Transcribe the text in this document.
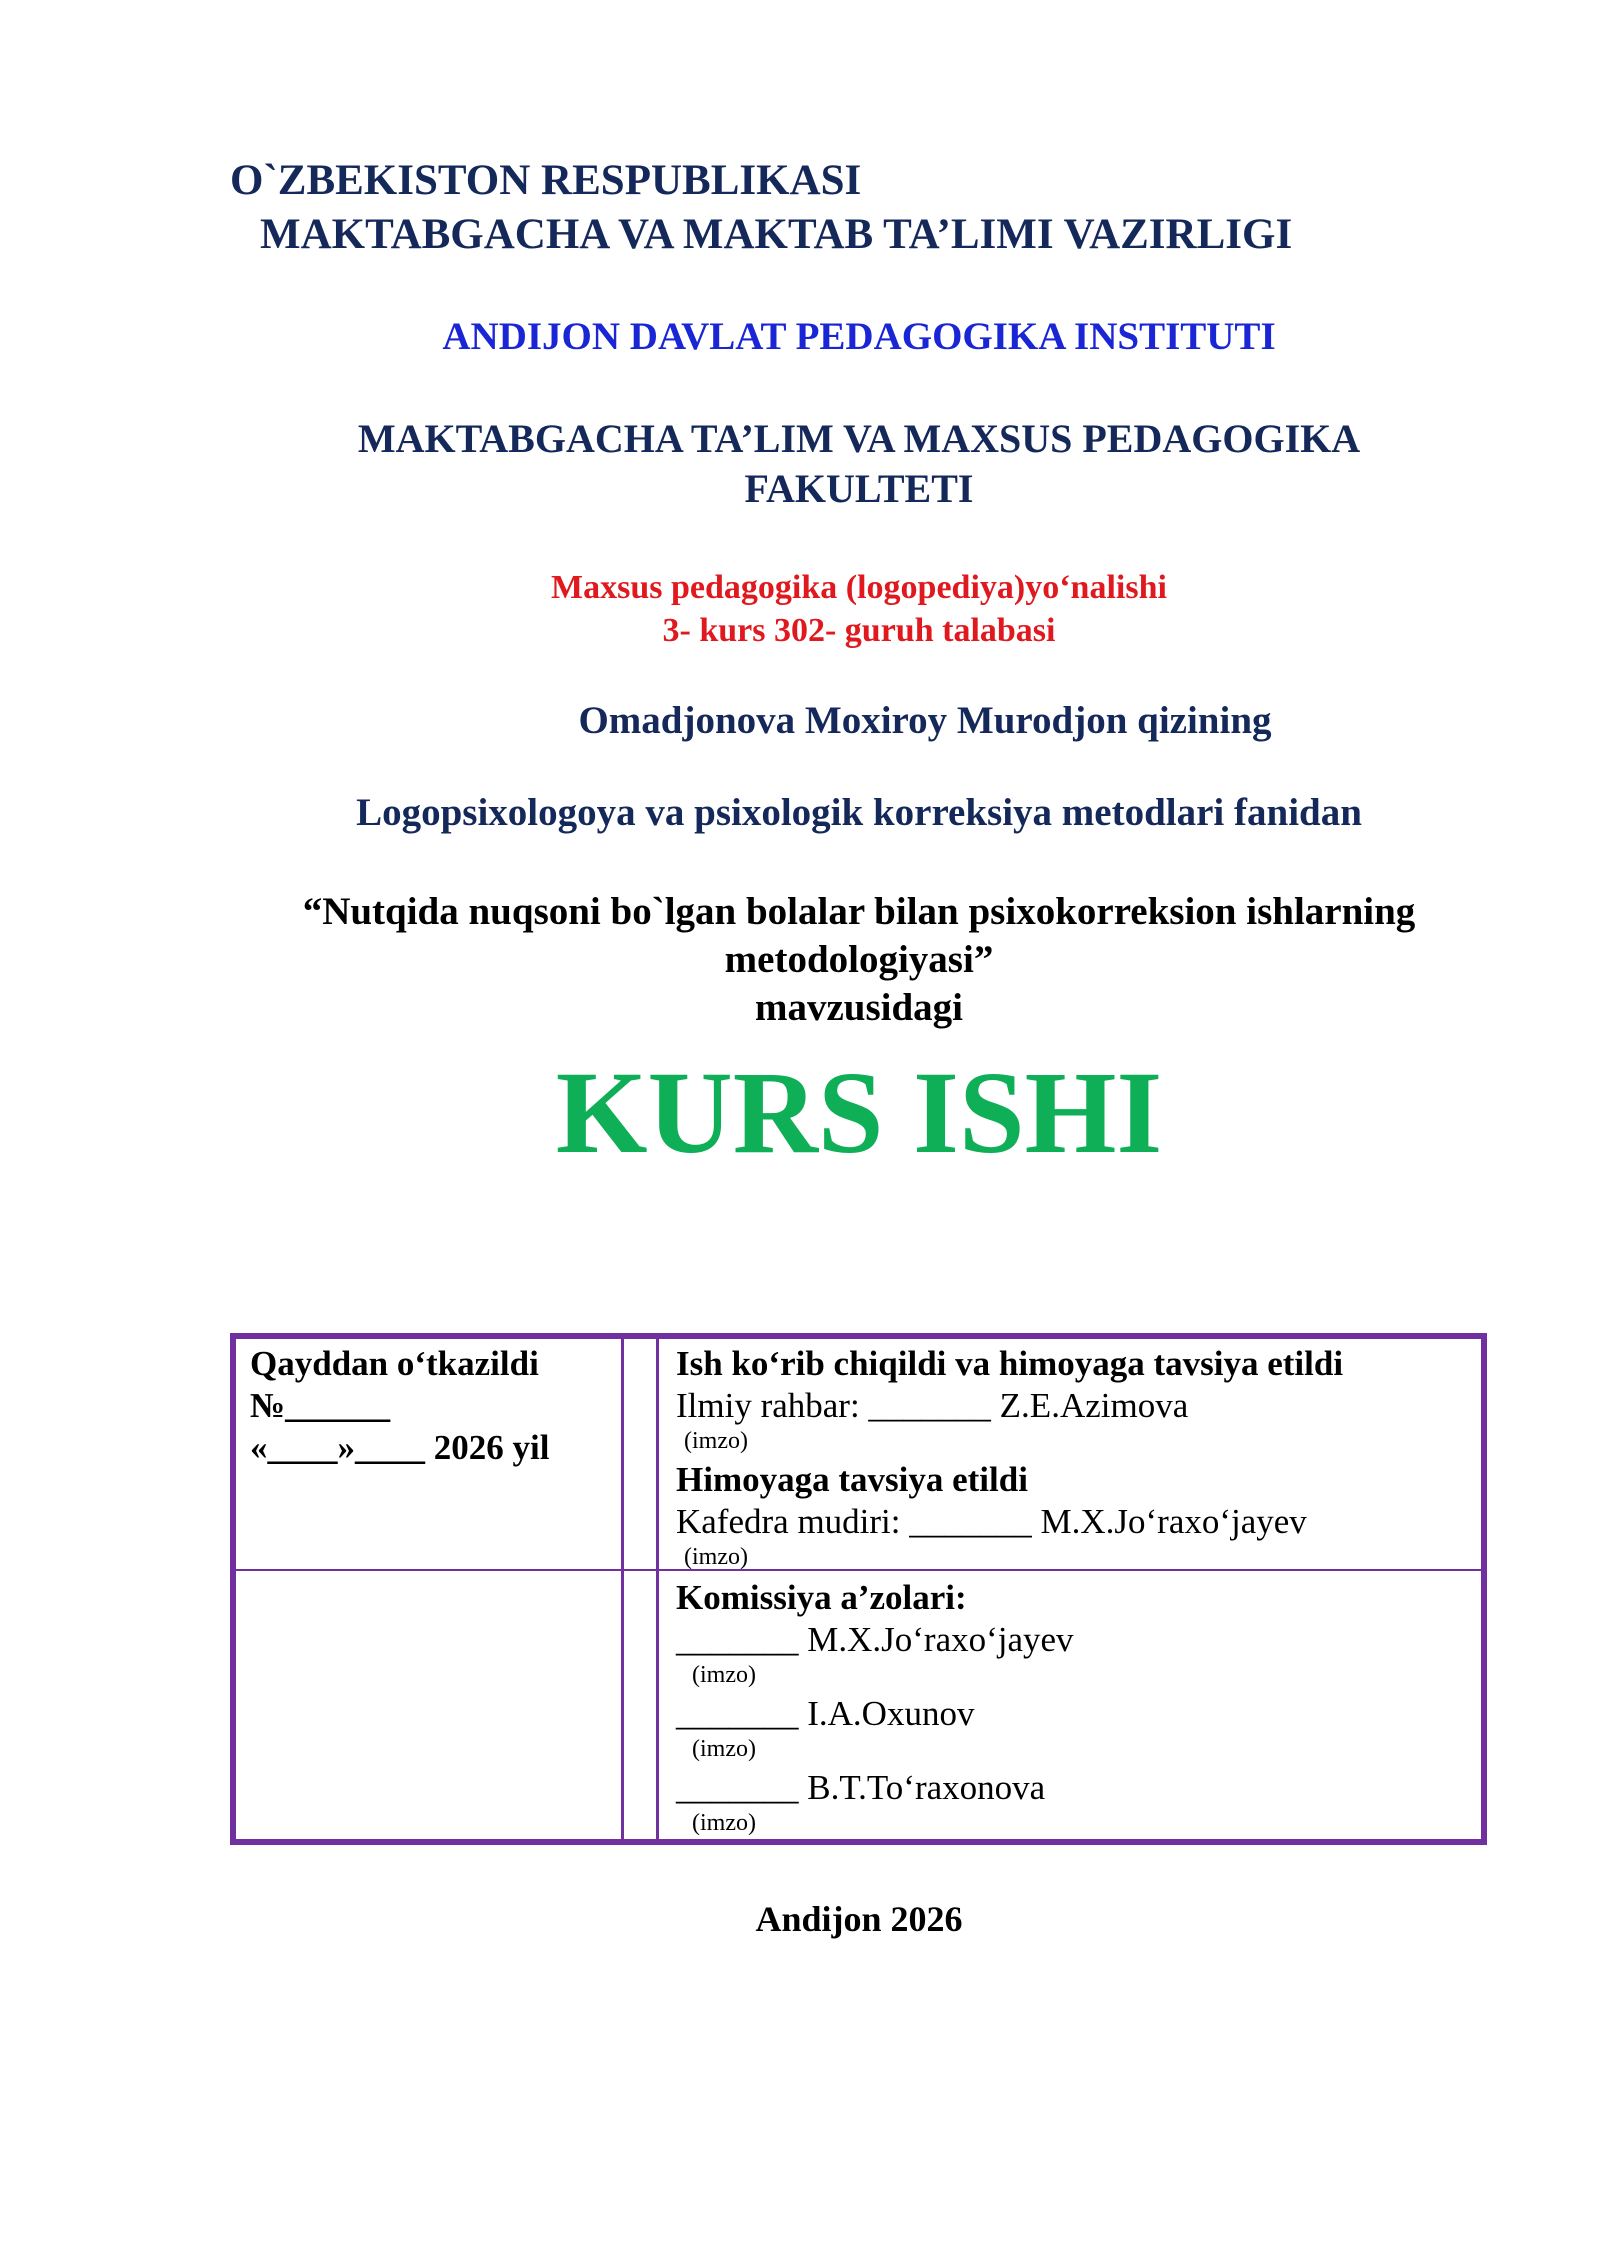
O`ZBEKISTON RESPUBLIKASI
MAKTABGACHA VA MAKTAB TA’LIMI VAZIRLIGI
ANDIJON DAVLAT PEDAGOGIKA INSTITUTI
MAKTABGACHA TA’LIM VA MAXSUS PEDAGOGIKA
FAKULTETI
Maxsus pedagogika (logopediya)yo‘nalishi
3- kurs 302- guruh talabasi
Omadjonova Moxiroy Murodjon qizining
Logopsixologoya va psixologik korreksiya metodlari fanidan
“Nutqida nuqsoni bo`lgan bolalar bilan psixokorreksion ishlarning
metodologiyasi”
mavzusidagi
KURS ISHI
Qayddan o‘tkazildi
№______
«____»____ 2026 yil
Ish ko‘rib chiqildi va himoyaga tavsiya etildi
Ilmiy rahbar: _______ Z.E.Azimova
(imzo)
Himoyaga tavsiya etildi
Kafedra mudiri: _______ M.X.Jo‘raxo‘jayev
(imzo)
Komissiya a’zolari:
_______ M.X.Jo‘raxo‘jayev
(imzo)
_______ I.A.Oxunov
(imzo)
_______ B.T.To‘raxonova
(imzo)
Andijon 2026
